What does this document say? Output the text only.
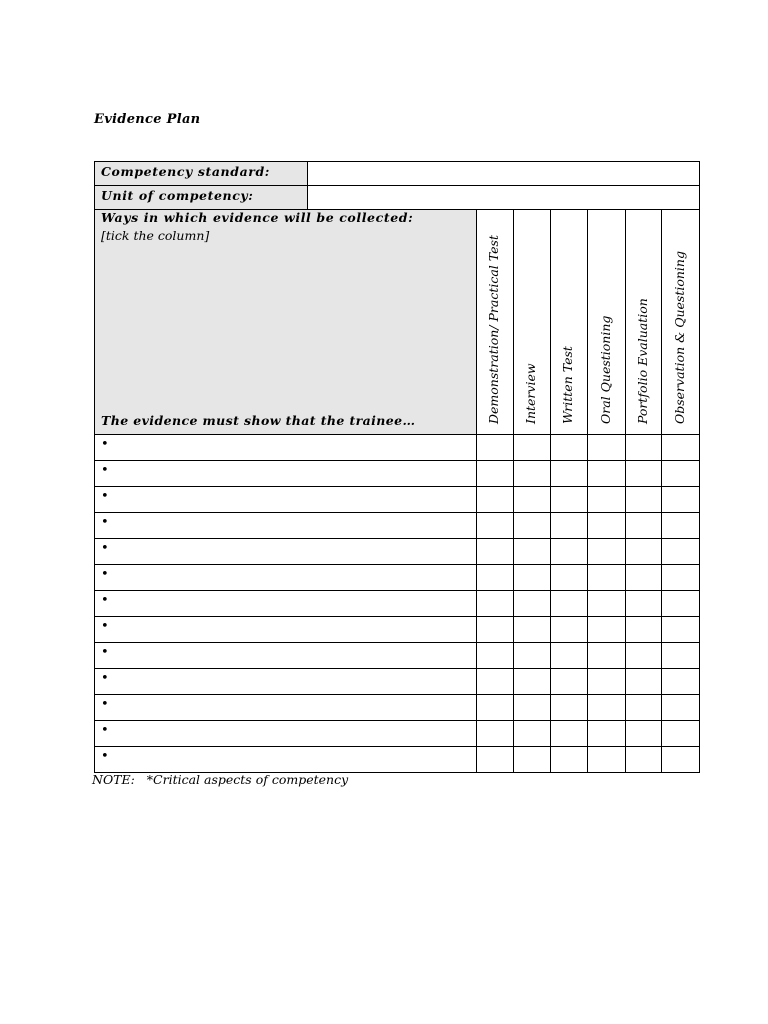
Evidence Plan
Competency standard:							
Unit of competency:							

Ways in which evidence will be collected:
[tick the column]
The evidence must show that the trainee…		Demonstration/ Practical Test	Interview	Written Test	Oral Questioning	Portfolio Evaluation	Observation & Questioning

•							
•							
•							
•							
•							
•							
•							
•							
•							
•							
•							
•							
•							
NOTE: *Critical aspects of competency
